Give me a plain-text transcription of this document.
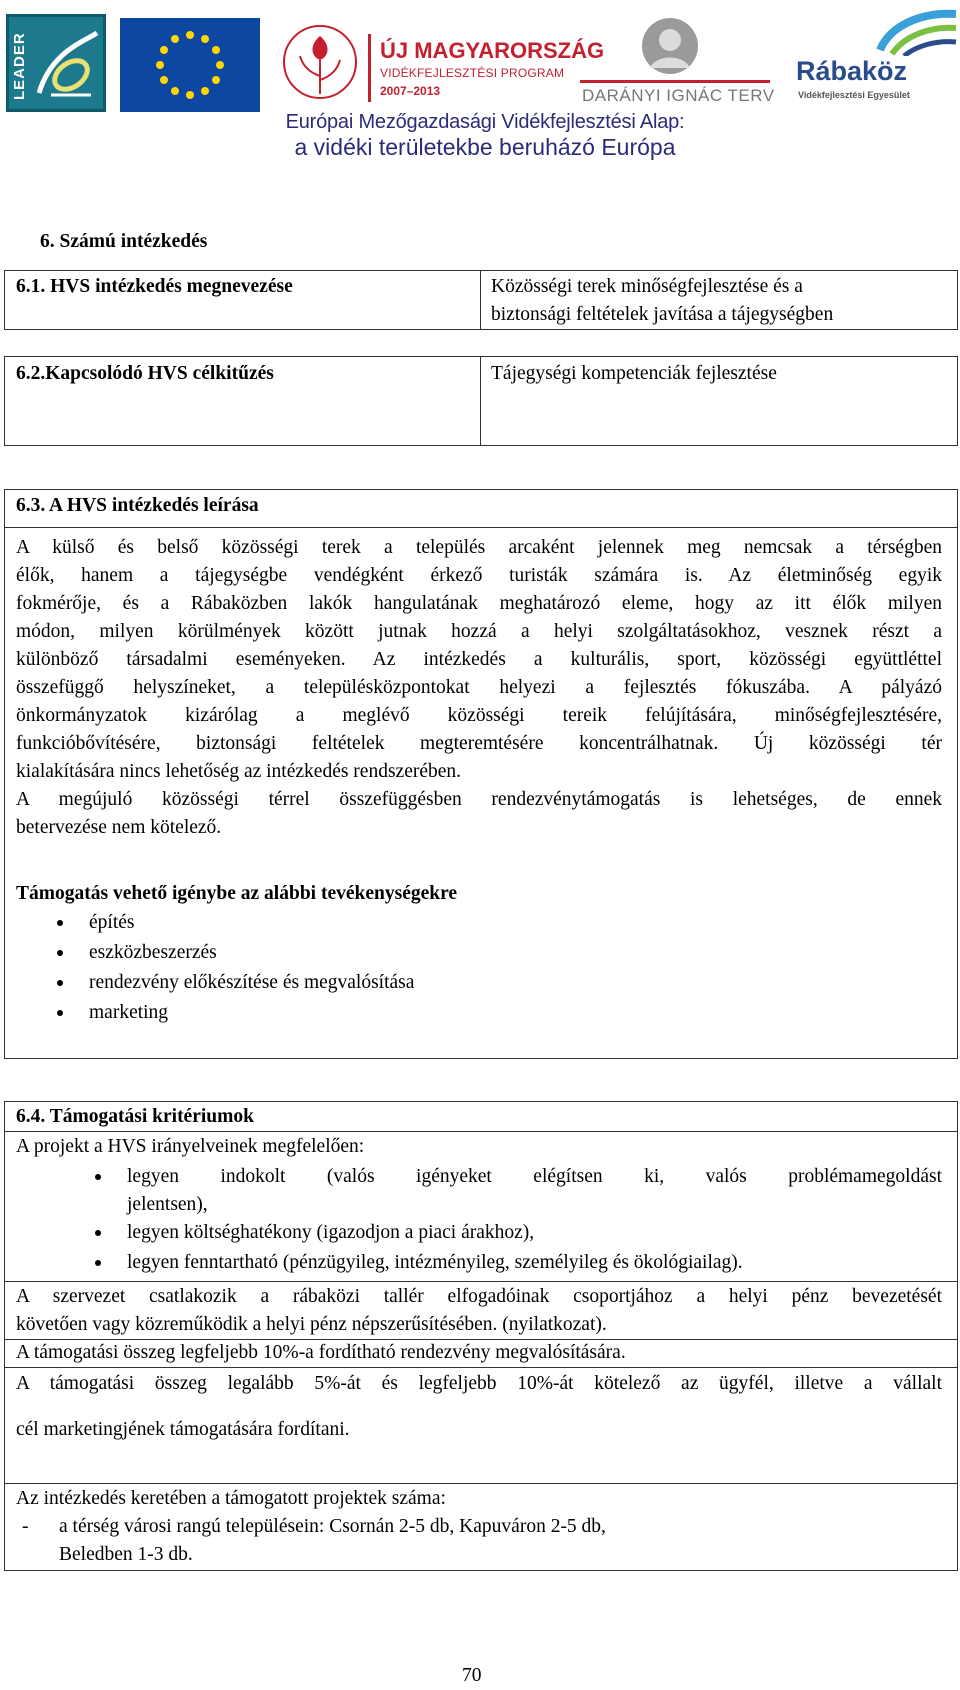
LEADER	ÚJ MAGYARORSZÁG
VIDÉKFEJLESZTÉSI PROGRAM
2007–2013	DARÁNYI IGNÁC TERV
Rábaköz
Vidékfejlesztési Egyesület
Európai Mezőgazdasági Vidékfejlesztési Alap:
a vidéki területekbe beruházó Európa
6. Számú intézkedés
6.1. HVS intézkedés megnevezése	Közösségi terek minőségfejlesztése és a
biztonsági feltételek javítása a tájegységben
6.2.Kapcsolódó HVS célkitűzés	Tájegységi kompetenciák fejlesztése
6.3. A HVS intézkedés leírása
A külső és belső közösségi terek a település arcaként jelennek meg nemcsak a térségben
élők, hanem a tájegységbe vendégként érkező turisták számára is. Az életminőség egyik
fokmérője, és a Rábaközben lakók hangulatának meghatározó eleme, hogy az itt élők milyen
módon, milyen körülmények között jutnak hozzá a helyi szolgáltatásokhoz, vesznek részt a
különböző társadalmi eseményeken. Az intézkedés a kulturális, sport, közösségi együttléttel
összefüggő helyszíneket, a településközpontokat helyezi a fejlesztés fókuszába. A pályázó
önkormányzatok kizárólag a meglévő közösségi tereik felújítására, minőségfejlesztésére,
funkcióbővítésére, biztonsági feltételek megteremtésére koncentrálhatnak. Új közösségi tér
kialakítására nincs lehetőség az intézkedés rendszerében.
A megújuló közösségi térrel összefüggésben rendezvénytámogatás is lehetséges, de ennek
betervezése nem kötelező.
Támogatás vehető igénybe az alábbi tevékenységekre
építés
eszközbeszerzés
rendezvény előkészítése és megvalósítása
marketing
6.4. Támogatási kritériumok
A projekt a HVS irányelveinek megfelelően:
legyen indokolt (valós igényeket elégítsen ki, valós problémamegoldást
jelentsen),
legyen költséghatékony (igazodjon a piaci árakhoz),
legyen fenntartható (pénzügyileg, intézményileg, személyileg és ökológiailag).
A szervezet csatlakozik a rábaközi tallér elfogadóinak csoportjához a helyi pénz bevezetését
követően vagy közreműködik a helyi pénz népszerűsítésében. (nyilatkozat).
A támogatási összeg legfeljebb 10%-a fordítható rendezvény megvalósítására.
A támogatási összeg legalább 5%-át és legfeljebb 10%-át kötelező az ügyfél, illetve a vállalt
cél marketingjének támogatására fordítani.
Az intézkedés keretében a támogatott projektek száma:
- a térség városi rangú településein: Csornán 2-5 db, Kapuváron 2-5 db,
Beledben 1-3 db.
70
